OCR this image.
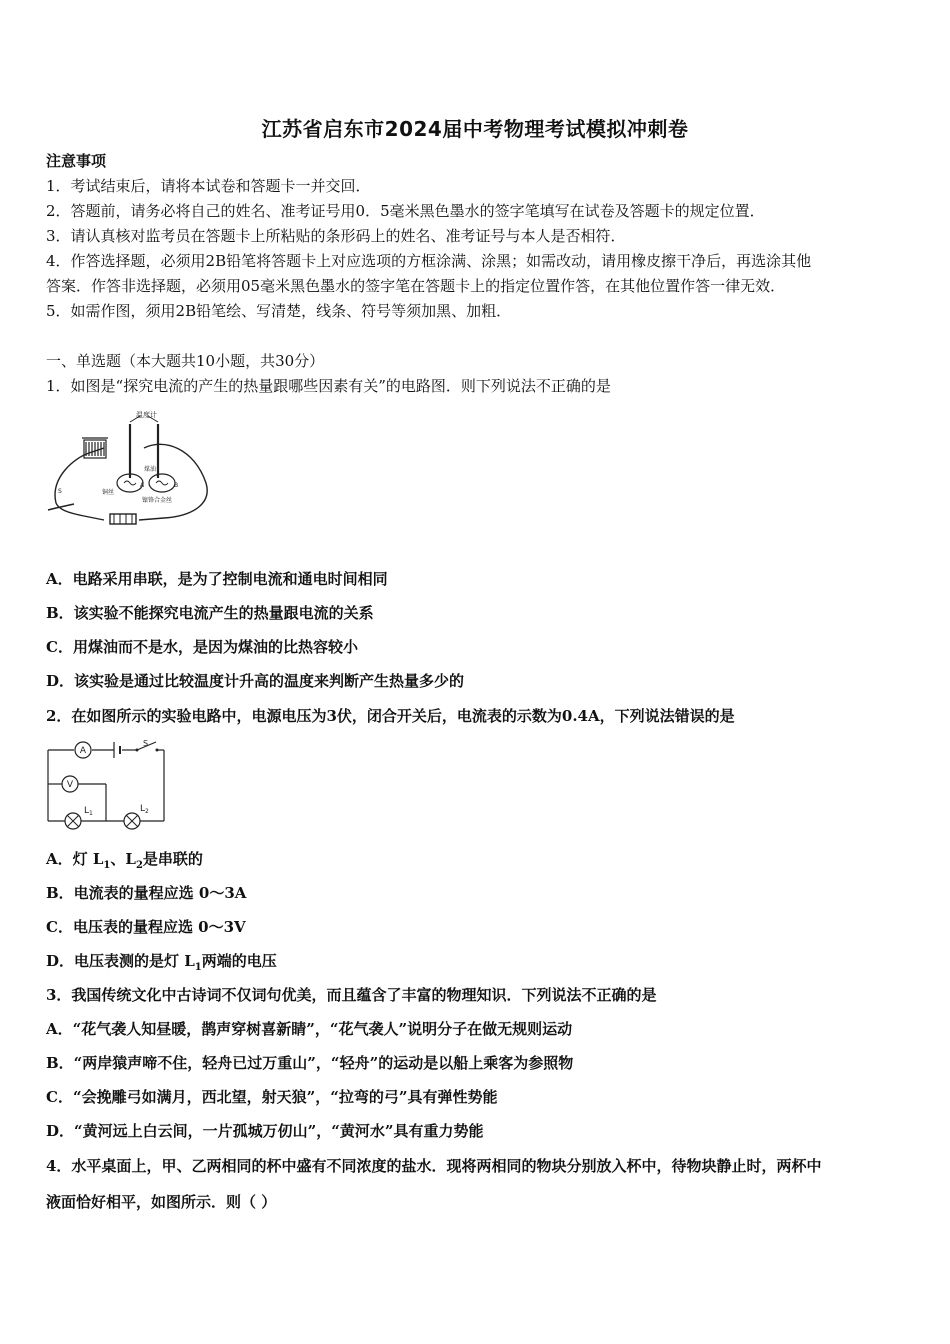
江苏省启东市2024届中考物理考试模拟冲刺卷
注意事项
1．考试结束后，请将本试卷和答题卡一并交回．
2．答题前，请务必将自己的姓名、准考证号用0．5毫米黑色墨水的签字笔填写在试卷及答题卡的规定位置．
3．请认真核对监考员在答题卡上所粘贴的条形码上的姓名、准考证号与本人是否相符．
4．作答选择题，必须用2B铅笔将答题卡上对应选项的方框涂满、涂黑；如需改动，请用橡皮擦干净后，再选涂其他
答案．作答非选择题，必须用05毫米黑色墨水的签字笔在答题卡上的指定位置作答，在其他位置作答一律无效．
5．如需作图，须用2B铅笔绘、写清楚，线条、符号等须加黑、加粗．
一、单选题（本大题共10小题，共30分）
1．如图是“探究电流的产生的热量跟哪些因素有关”的电路图．则下列说法不正确的是
温度计
煤油
A	B
铜丝
镍铬合金丝
S
A．电路采用串联，是为了控制电流和通电时间相同
B．该实验不能探究电流产生的热量跟电流的关系
C．用煤油而不是水，是因为煤油的比热容较小
D．该实验是通过比较温度计升高的温度来判断产生热量多少的
2．在如图所示的实验电路中，电源电压为3伏，闭合开关后，电流表的示数为0.4A，下列说法错误的是
A
S
V
$L_1$	$L_2$
A．灯 $L_1$、$L_2$是串联的
B．电流表的量程应选 0～3A
C．电压表的量程应选 0～3V
D．电压表测的是灯 $L_1$两端的电压
3．我国传统文化中古诗词不仅词句优美，而且蕴含了丰富的物理知识．下列说法不正确的是
A．“花气袭人知昼暖，鹊声穿树喜新睛”，“花气袭人”说明分子在做无规则运动
B．“两岸猿声啼不住，轻舟已过万重山”，“轻舟”的运动是以船上乘客为参照物
C．“会挽雕弓如满月，西北望，射天狼”，“拉弯的弓”具有弹性势能
D．“黄河远上白云间，一片孤城万仞山”，“黄河水”具有重力势能
4．水平桌面上，甲、乙两相同的杯中盛有不同浓度的盐水．现将两相同的物块分别放入杯中，待物块静止时，两杯中
液面恰好相平，如图所示．则（ ）
